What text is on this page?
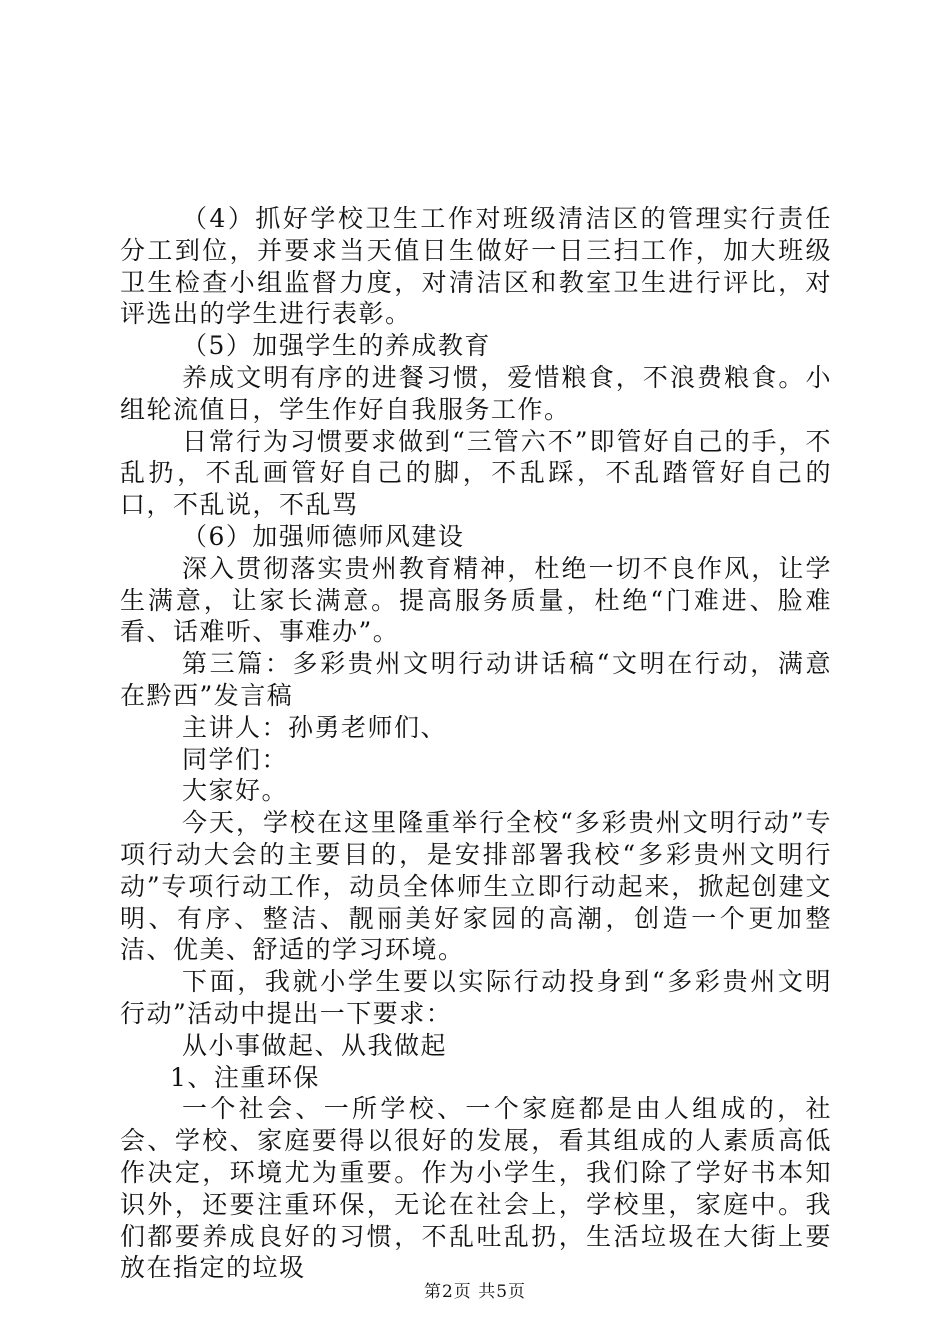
（4）抓好学校卫生工作对班级清洁区的管理实行责任分工到位，并要求当天值日生做好一日三扫工作，加大班级卫生检查小组监督力度，对清洁区和教室卫生进行评比，对评选出的学生进行表彰。

（5）加强学生的养成教育

养成文明有序的进餐习惯，爱惜粮食，不浪费粮食。小组轮流值日，学生作好自我服务工作。

日常行为习惯要求做到“三管六不”即管好自己的手，不乱扔，不乱画管好自己的脚，不乱踩，不乱踏管好自己的口，不乱说，不乱骂

（6）加强师德师风建设

深入贯彻落实贵州教育精神，杜绝一切不良作风，让学生满意，让家长满意。提高服务质量，杜绝“门难进、脸难看、话难听、事难办”。

第三篇：多彩贵州文明行动讲话稿“文明在行动，满意在黔西”发言稿

主讲人：孙勇老师们、

同学们：

大家好。

今天，学校在这里隆重举行全校“多彩贵州文明行动”专项行动大会的主要目的，是安排部署我校“多彩贵州文明行动”专项行动工作，动员全体师生立即行动起来，掀起创建文明、有序、整洁、靓丽美好家园的高潮，创造一个更加整洁、优美、舒适的学习环境。

下面，我就小学生要以实际行动投身到“多彩贵州文明行动”活动中提出一下要求：

从小事做起、从我做起

1、注重环保

一个社会、一所学校、一个家庭都是由人组成的，社会、学校、家庭要得以很好的发展，看其组成的人素质高低作决定，环境尤为重要。作为小学生，我们除了学好书本知识外，还要注重环保，无论在社会上，学校里，家庭中。我们都要养成良好的习惯，不乱吐乱扔，生活垃圾在大街上要放在指定的垃圾

第2页 共5页
